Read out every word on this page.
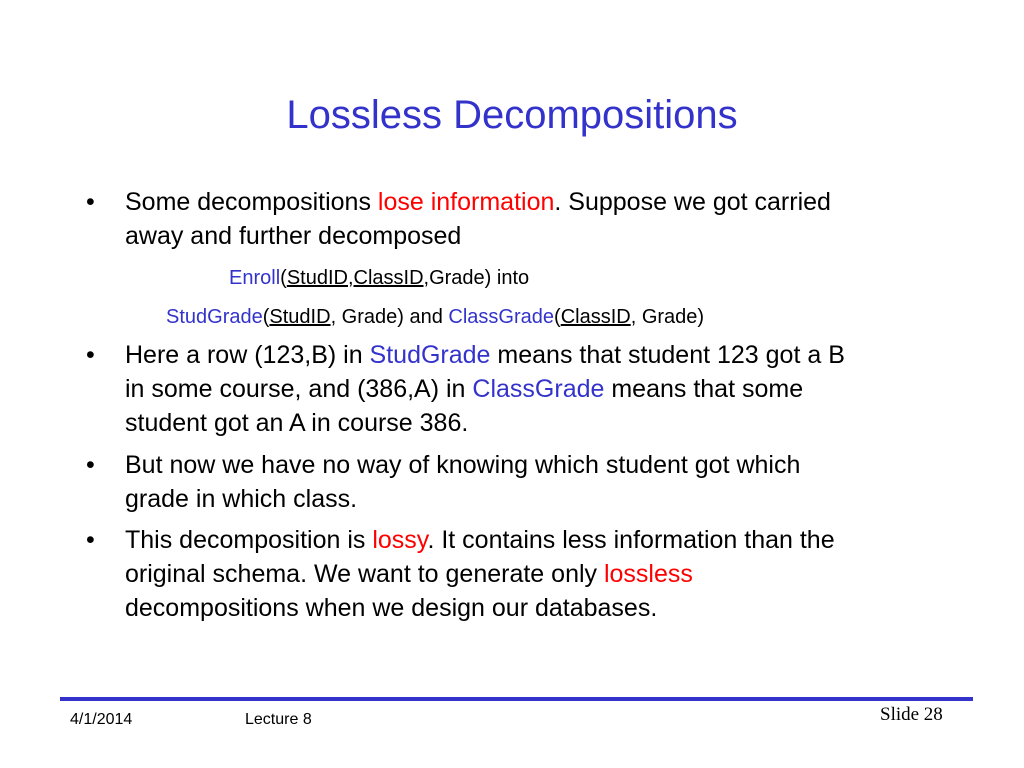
Lossless Decompositions
• Some decompositions lose information. Suppose we got carried
away and further decomposed
Enroll(StudID,ClassID,Grade) into
StudGrade(StudID, Grade) and ClassGrade(ClassID, Grade)
• Here a row (123,B) in StudGrade means that student 123 got a B
in some course, and (386,A) in ClassGrade means that some
student got an A in course 386.
• But now we have no way of knowing which student got which
grade in which class.
• This decomposition is lossy. It contains less information than the
original schema. We want to generate only lossless
decompositions when we design our databases.
4/1/2014	Lecture 8	Slide 28
